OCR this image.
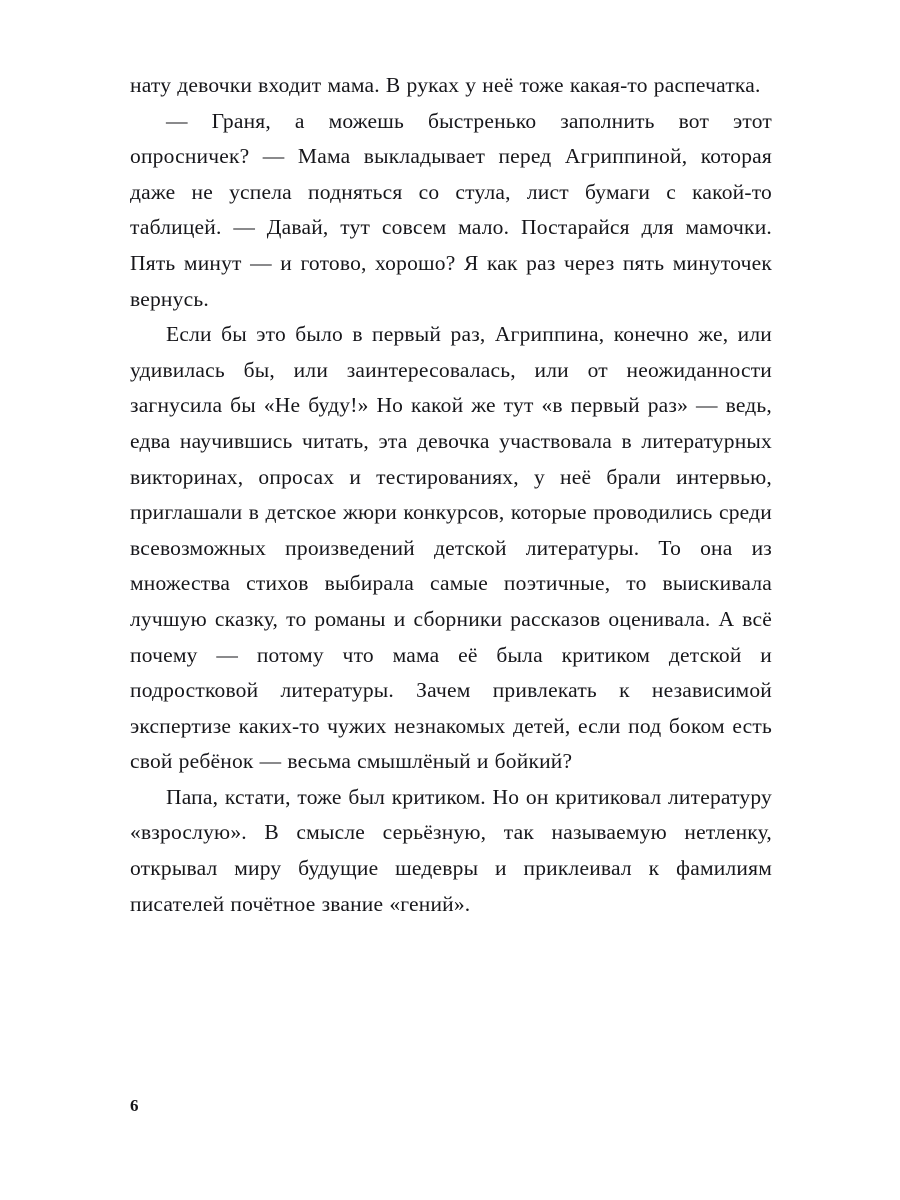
нату девочки входит мама. В руках у неё тоже какая-то распечатка.

— Граня, а можешь быстренько заполнить вот этот опросничек? — Мама выкладывает перед Агриппиной, которая даже не успела подняться со стула, лист бумаги с какой-то таблицей. — Давай, тут совсем мало. Постарайся для мамочки. Пять минут — и готово, хорошо? Я как раз через пять минуточек вернусь.

Если бы это было в первый раз, Агриппина, конечно же, или удивилась бы, или заинтересовалась, или от неожиданности загнусила бы «Не буду!» Но какой же тут «в первый раз» — ведь, едва научившись читать, эта девочка участвовала в литературных викторинах, опросах и тестированиях, у неё брали интервью, приглашали в детское жюри конкурсов, которые проводились среди всевозможных произведений детской литературы. То она из множества стихов выбирала самые поэтичные, то выискивала лучшую сказку, то романы и сборники рассказов оценивала. А всё почему — потому что мама её была критиком детской и подростковой литературы. Зачем привлекать к независимой экспертизе каких-то чужих незнакомых детей, если под боком есть свой ребёнок — весьма смышлёный и бойкий?

Папа, кстати, тоже был критиком. Но он критиковал литературу «взрослую». В смысле серьёзную, так называемую нетленку, открывал миру будущие шедевры и приклеивал к фамилиям писателей почётное звание «гений».

6
